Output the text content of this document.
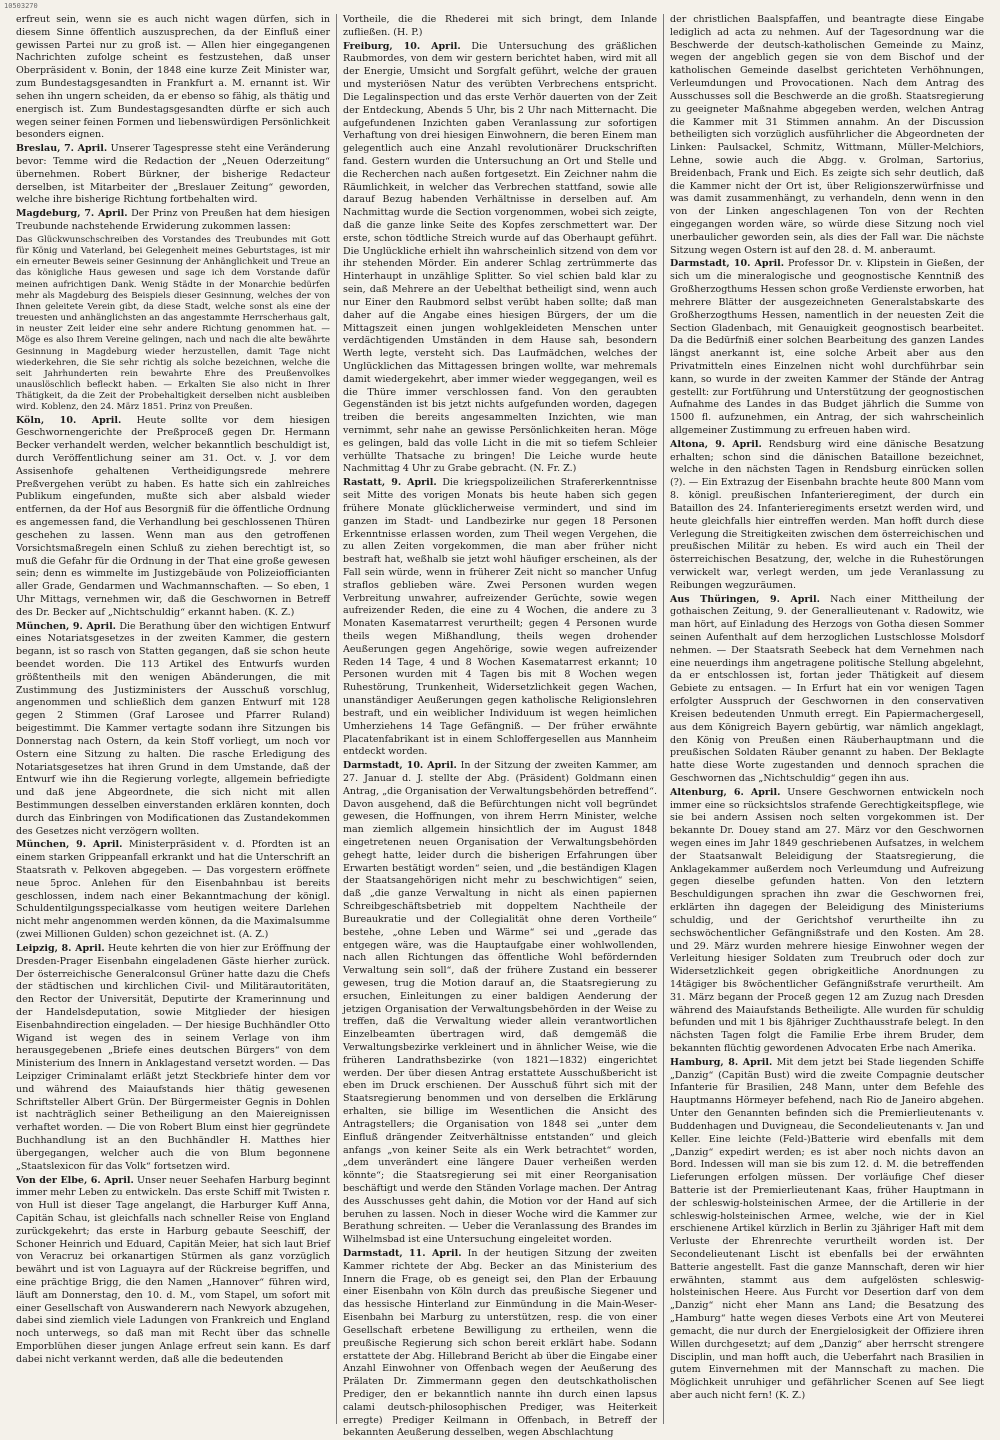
10503270

erfreut sein, wenn sie es auch nicht wagen dürfen, sich in diesem Sinne öffentlich auszusprechen, da der Einfluß einer gewissen Partei nur zu groß ist. — Allen hier eingegangenen Nachrichten zufolge scheint es festzustehen, daß unser Oberpräsident v. Bonin, der 1848 eine kurze Zeit Minister war, zum Bundestagsgesandten in Frankfurt a. M. ernannt ist. Wir sehen ihn ungern scheiden, da er ebenso so fähig, als thätig und energisch ist. Zum Bundestagsgesandten dürfte er sich auch wegen seiner feinen Formen und liebenswürdigen Persönlichkeit besonders eignen.

Breslau, 7. April. Unserer Tagespresse steht eine Veränderung bevor: Temme wird die Redaction der „Neuen Oderzeitung“ übernehmen. Robert Bürkner, der bisherige Redacteur derselben, ist Mitarbeiter der „Breslauer Zeitung“ geworden, welche ihre bisherige Richtung fortbehalten wird.

Magdeburg, 7. April. Der Prinz von Preußen hat dem hiesigen Treubunde nachstehende Erwiderung zukommen lassen:

Das Glückwunschschreiben des Vorstandes des Treubundes mit Gott für König und Vaterland, bei Gelegenheit meines Geburtstages, ist mir ein erneuter Beweis seiner Gesinnung der Anhänglichkeit und Treue an das königliche Haus gewesen und sage ich dem Vorstande dafür meinen aufrichtigen Dank. Wenig Städte in der Monarchie bedürfen mehr als Magdeburg des Beispiels dieser Gesinnung, welches der von Ihnen geleitete Verein gibt, da diese Stadt, welche sonst als eine der treuesten und anhänglichsten an das angestammte Herrscherhaus galt, in neuster Zeit leider eine sehr andere Richtung genommen hat. — Möge es also Ihrem Vereine gelingen, nach und nach die alte bewährte Gesinnung in Magdeburg wieder herzustellen, damit Tage nicht wiederkehren, die Sie sehr richtig als solche bezeichnen, welche die seit Jahrhunderten rein bewahrte Ehre des Preußenvolkes unauslöschlich befleckt haben. — Erkalten Sie also nicht in Ihrer Thätigkeit, da die Zeit der Probehaltigkeit derselben nicht ausbleiben wird. Koblenz, den 24. März 1851. Prinz von Preußen.

Köln, 10. April. Heute sollte vor dem hiesigen Geschwornengerichte der Preßproceß gegen Dr. Hermann Becker verhandelt werden, welcher bekanntlich beschuldigt ist, durch Veröffentlichung seiner am 31. Oct. v. J. vor dem Assisenhofe gehaltenen Vertheidigungsrede mehrere Preßvergehen verübt zu haben. Es hatte sich ein zahlreiches Publikum eingefunden, mußte sich aber alsbald wieder entfernen, da der Hof aus Besorgniß für die öffentliche Ordnung es angemessen fand, die Verhandlung bei geschlossenen Thüren geschehen zu lassen. Wenn man aus den getroffenen Vorsichtsmaßregeln einen Schluß zu ziehen berechtigt ist, so muß die Gefahr für die Ordnung in der That eine große gewesen sein; denn es wimmelte im Justizgebäude von Polizeiofficianten aller Grade, Gendarmen und Wachmannschaften. — So eben, 1 Uhr Mittags, vernehmen wir, daß die Geschwornen in Betreff des Dr. Becker auf „Nichtschuldig“ erkannt haben. (K. Z.)

München, 9. April. Die Berathung über den wichtigen Entwurf eines Notariatsgesetzes in der zweiten Kammer, die gestern begann, ist so rasch von Statten gegangen, daß sie schon heute beendet worden. Die 113 Artikel des Entwurfs wurden größtentheils mit den wenigen Abänderungen, die mit Zustimmung des Justizministers der Ausschuß vorschlug, angenommen und schließlich dem ganzen Entwurf mit 128 gegen 2 Stimmen (Graf Larosee und Pfarrer Ruland) beigestimmt. Die Kammer vertagte sodann ihre Sitzungen bis Donnerstag nach Ostern, da kein Stoff vorliegt, um noch vor Ostern eine Sitzung zu halten. Die rasche Erledigung des Notariatsgesetzes hat ihren Grund in dem Umstande, daß der Entwurf wie ihn die Regierung vorlegte, allgemein befriedigte und daß jene Abgeordnete, die sich nicht mit allen Bestimmungen desselben einverstanden erklären konnten, doch durch das Einbringen von Modificationen das Zustandekommen des Gesetzes nicht verzögern wollten.

München, 9. April. Ministerpräsident v. d. Pfordten ist an einem starken Grippeanfall erkrankt und hat die Unterschrift an Staatsrath v. Pelkoven abgegeben. — Das vorgestern eröffnete neue 5proc. Anlehen für den Eisenbahnbau ist bereits geschlossen, indem nach einer Bekanntmachung der königl. Schuldentilgungsspecialkasse vom heutigen weitere Darlehen nicht mehr angenommen werden können, da die Maximalsumme (zwei Millionen Gulden) schon gezeichnet ist. (A. Z.)

Leipzig, 8. April. Heute kehrten die von hier zur Eröffnung der Dresden-Prager Eisenbahn eingeladenen Gäste hierher zurück. Der österreichische Generalconsul Grüner hatte dazu die Chefs der städtischen und kirchlichen Civil- und Militärautoritäten, den Rector der Universität, Deputirte der Kramerinnung und der Handelsdeputation, sowie Mitglieder der hiesigen Eisenbahndirection eingeladen. — Der hiesige Buchhändler Otto Wigand ist wegen des in seinem Verlage von ihm herausgegebenen „Briefe eines deutschen Bürgers“ von dem Ministerium des Innern in Anklagestand versetzt worden. — Das Leipziger Criminalamt erläßt jetzt Steckbriefe hinter dem vor und während des Maiaufstands hier thätig gewesenen Schriftsteller Albert Grün. Der Bürgermeister Gegnis in Dohlen ist nachträglich seiner Betheiligung an den Maiereignissen verhaftet worden. — Die von Robert Blum einst hier gegründete Buchhandlung ist an den Buchhändler H. Matthes hier übergegangen, welcher auch die von Blum begonnene „Staatslexicon für das Volk“ fortsetzen wird.

Von der Elbe, 6. April. Unser neuer Seehafen Harburg beginnt immer mehr Leben zu entwickeln. Das erste Schiff mit Twisten r. von Hull ist dieser Tage angelangt, die Harburger Kuff Anna, Capitän Schau, ist gleichfalls nach schneller Reise von England zurückgekehrt; das erste in Harburg gebaute Seeschiff, der Schoner Heinrich und Eduard, Capitän Meier, hat sich laut Brief von Veracruz bei orkanartigen Stürmen als ganz vorzüglich bewährt und ist von Laguayra auf der Rückreise begriffen, und eine prächtige Brigg, die den Namen „Hannover“ führen wird, läuft am Donnerstag, den 10. d. M., vom Stapel, um sofort mit einer Gesellschaft von Auswanderern nach Newyork abzugehen, dabei sind ziemlich viele Ladungen von Frankreich und England noch unterwegs, so daß man mit Recht über das schnelle Emporblühen dieser jungen Anlage erfreut sein kann. Es darf dabei nicht verkannt werden, daß alle die bedeutenden

Vortheile, die die Rhederei mit sich bringt, dem Inlande zufließen. (H. P.)

Freiburg, 10. April. Die Untersuchung des gräßlichen Raubmordes, von dem wir gestern berichtet haben, wird mit all der Energie, Umsicht und Sorgfalt geführt, welche der grauen und mysteriösen Natur des verübten Verbrechens entspricht. Die Legalinspection und das erste Verhör dauerten von der Zeit der Entdeckung, Abends 5 Uhr, bis 2 Uhr nach Mitternacht. Die aufgefundenen Inzichten gaben Veranlassung zur sofortigen Verhaftung von drei hiesigen Einwohnern, die beren Einem man gelegentlich auch eine Anzahl revolutionärer Druckschriften fand. Gestern wurden die Untersuchung an Ort und Stelle und die Recherchen nach außen fortgesetzt. Ein Zeichner nahm die Räumlichkeit, in welcher das Verbrechen stattfand, sowie alle darauf Bezug habenden Verhältnisse in derselben auf. Am Nachmittag wurde die Section vorgenommen, wobei sich zeigte, daß die ganze linke Seite des Kopfes zerschmettert war. Der erste, schon tödtliche Streich wurde auf das Oberhaupt geführt. Die Unglückliche erhielt ihn wahrscheinlich sitzend von dem vor ihr stehenden Mörder. Ein anderer Schlag zertrümmerte das Hinterhaupt in unzählige Splitter. So viel schien bald klar zu sein, daß Mehrere an der Uebelthat betheiligt sind, wenn auch nur Einer den Raubmord selbst verübt haben sollte; daß man daher auf die Angabe eines hiesigen Bürgers, der um die Mittagszeit einen jungen wohlgekleideten Menschen unter verdächtigenden Umständen in dem Hause sah, besondern Werth legte, versteht sich. Das Laufmädchen, welches der Unglücklichen das Mittagessen bringen wollte, war mehremals damit wiedergekehrt, aber immer wieder weggegangen, weil es die Thüre immer verschlossen fand. Von den geraubten Gegenständen ist bis jetzt nichts aufgefunden worden, dagegen treiben die bereits angesammelten Inzichten, wie man vernimmt, sehr nahe an gewisse Persönlichkeiten heran. Möge es gelingen, bald das volle Licht in die mit so tiefem Schleier verhüllte Thatsache zu bringen! Die Leiche wurde heute Nachmittag 4 Uhr zu Grabe gebracht. (N. Fr. Z.)

Rastatt, 9. April. Die kriegspolizeilichen Strafererkenntnisse seit Mitte des vorigen Monats bis heute haben sich gegen frühere Monate glücklicherweise vermindert, und sind im ganzen im Stadt- und Landbezirke nur gegen 18 Personen Erkenntnisse erlassen worden, zum Theil wegen Vergehen, die zu allen Zeiten vorgekommen, die man aber früher nicht bestraft hat, weßhalb sie jetzt wohl häufiger erscheinen, als der Fall sein würde, wenn in früherer Zeit nicht so mancher Unfug straflos geblieben wäre. Zwei Personen wurden wegen Verbreitung unwahrer, aufreizender Gerüchte, sowie wegen aufreizender Reden, die eine zu 4 Wochen, die andere zu 3 Monaten Kasematarrest verurtheilt; gegen 4 Personen wurde theils wegen Mißhandlung, theils wegen drohender Aeußerungen gegen Angehörige, sowie wegen aufreizender Reden 14 Tage, 4 und 8 Wochen Kasematarrest erkannt; 10 Personen wurden mit 4 Tagen bis mit 8 Wochen wegen Ruhestörung, Trunkenheit, Widersetzlichkeit gegen Wachen, unanständiger Aeußerungen gegen katholische Religionslehren bestraft, und ein weiblicher Individuum ist wegen heimlichen Umherziehens 14 Tage Gefängniß. — Der früher erwähnte Placatenfabrikant ist in einem Schloffergesellen aus Mannheim entdeckt worden.

Darmstadt, 10. April. In der Sitzung der zweiten Kammer, am 27. Januar d. J. stellte der Abg. (Präsident) Goldmann einen Antrag, „die Organisation der Verwaltungsbehörden betreffend“. Davon ausgehend, daß die Befürchtungen nicht voll begründet gewesen, die Hoffnungen, von ihrem Herrn Minister, welche man ziemlich allgemein hinsichtlich der im August 1848 eingetretenen neuen Organisation der Verwaltungsbehörden gehegt hatte, leider durch die bisherigen Erfahrungen über Erwarten bestätigt worden“ seien, und „die beständigen Klagen der Staatsangehörigen nicht mehr zu beschwichtigen“ seien, daß „die ganze Verwaltung in nicht als einen papiernen Schreibgeschäftsbetrieb mit doppeltem Nachtheile der Bureaukratie und der Collegialität ohne deren Vortheile“ bestehe, „ohne Leben und Wärme“ sei und „gerade das entgegen wäre, was die Hauptaufgabe einer wohlwollenden, nach allen Richtungen das öffentliche Wohl befördernden Verwaltung sein soll“, daß der frühere Zustand ein besserer gewesen, trug die Motion darauf an, die Staatsregierung zu ersuchen, Einleitungen zu einer baldigen Aenderung der jetzigen Organisation der Verwaltungsbehörden in der Weise zu treffen, daß die Verwaltung wieder allein verantwortlichen Einzelbeamten übertragen wird, daß demgemäß die Verwaltungsbezirke verkleinert und in ähnlicher Weise, wie die früheren Landrathsbezirke (von 1821—1832) eingerichtet werden. Der über diesen Antrag erstattete Ausschußbericht ist eben im Druck erschienen. Der Ausschuß führt sich mit der Staatsregierung benommen und von derselben die Erklärung erhalten, sie billige im Wesentlichen die Ansicht des Antragstellers; die Organisation von 1848 sei „unter dem Einfluß drängender Zeitverhältnisse entstanden“ und gleich anfangs „von keiner Seite als ein Werk betrachtet“ worden, „dem unverändert eine längere Dauer verheißen werden könnte“; die Staatsregierung sei mit einer Reorganisation beschäftigt und werde den Ständen Vorlage machen. Der Antrag des Ausschusses geht dahin, die Motion vor der Hand auf sich beruhen zu lassen. Noch in dieser Woche wird die Kammer zur Berathung schreiten. — Ueber die Veranlassung des Brandes im Wilhelmsbad ist eine Untersuchung eingeleitet worden.

Darmstadt, 11. April. In der heutigen Sitzung der zweiten Kammer richtete der Abg. Becker an das Ministerium des Innern die Frage, ob es geneigt sei, den Plan der Erbauung einer Eisenbahn von Köln durch das preußische Siegener und das hessische Hinterland zur Einmündung in die Main-Weser-Eisenbahn bei Marburg zu unterstützen, resp. die von einer Gesellschaft erbetene Bewilligung zu ertheilen, wenn die preußische Regierung sich schon bereit erklärt habe. Sodann erstattete der Abg. Hillebrand Bericht ab über die Eingabe einer Anzahl Einwohner von Offenbach wegen der Aeußerung des Prälaten Dr. Zimmermann gegen den deutschkatholischen Prediger, den er bekanntlich nannte ihn durch einen lapsus calami deutsch-philosophischen Prediger, was Heiterkeit erregte) Prediger Keilmann in Offenbach, in Betreff der bekannten Aeußerung desselben, wegen Abschlachtung

der christlichen Baalspfaffen, und beantragte diese Eingabe lediglich ad acta zu nehmen. Auf der Tagesordnung war die Beschwerde der deutsch-katholischen Gemeinde zu Mainz, wegen der angeblich gegen sie von dem Bischof und der katholischen Gemeinde daselbst gerichteten Verhöhnungen, Verleumdungen und Provocationen. Nach dem Antrag des Ausschusses soll die Beschwerde an die großh. Staatsregierung zu geeigneter Maßnahme abgegeben werden, welchen Antrag die Kammer mit 31 Stimmen annahm. An der Discussion betheiligten sich vorzüglich ausführlicher die Abgeordneten der Linken: Paulsackel, Schmitz, Wittmann, Müller-Melchiors, Lehne, sowie auch die Abgg. v. Grolman, Sartorius, Breidenbach, Frank und Eich. Es zeigte sich sehr deutlich, daß die Kammer nicht der Ort ist, über Religionszerwürfnisse und was damit zusammenhängt, zu verhandeln, denn wenn in den von der Linken angeschlagenen Ton von der Rechten eingegangen worden wäre, so würde diese Sitzung noch viel unerbaulicher geworden sein, als dies der Fall war. Die nächste Sitzung wegen Ostern ist auf den 28. d. M. anberaumt.

Darmstadt, 10. April. Professor Dr. v. Klipstein in Gießen, der sich um die mineralogische und geognostische Kenntniß des Großherzogthums Hessen schon große Verdienste erworben, hat mehrere Blätter der ausgezeichneten Generalstabskarte des Großherzogthums Hessen, namentlich in der neuesten Zeit die Section Gladenbach, mit Genauigkeit geognostisch bearbeitet. Da die Bedürfniß einer solchen Bearbeitung des ganzen Landes längst anerkannt ist, eine solche Arbeit aber aus den Privatmitteln eines Einzelnen nicht wohl durchführbar sein kann, so wurde in der zweiten Kammer der Stände der Antrag gestellt: zur Fortführung und Unterstützung der geognostischen Aufnahme des Landes in das Budget jährlich die Summe von 1500 fl. aufzunehmen, ein Antrag, der sich wahrscheinlich allgemeiner Zustimmung zu erfreuen haben wird.

Altona, 9. April. Rendsburg wird eine dänische Besatzung erhalten; schon sind die dänischen Bataillone bezeichnet, welche in den nächsten Tagen in Rendsburg einrücken sollen (?). — Ein Extrazug der Eisenbahn brachte heute 800 Mann vom 8. königl. preußischen Infanterieregiment, der durch ein Bataillon des 24. Infanterieregiments ersetzt werden wird, und heute gleichfalls hier eintreffen werden. Man hofft durch diese Verlegung die Streitigkeiten zwischen dem österreichischen und preußischen Militär zu heben. Es wird auch ein Theil der österreichischen Besatzung, der, welche in die Ruhestörungen verwickelt war, verlegt werden, um jede Veranlassung zu Reibungen wegzuräumen.

Aus Thüringen, 9. April. Nach einer Mittheilung der gothaischen Zeitung, 9. der Generallieutenant v. Radowitz, wie man hört, auf Einladung des Herzogs von Gotha diesen Sommer seinen Aufenthalt auf dem herzoglichen Lustschlosse Molsdorf nehmen. — Der Staatsrath Seebeck hat dem Vernehmen nach eine neuerdings ihm angetragene politische Stellung abgelehnt, da er entschlossen ist, fortan jeder Thätigkeit auf diesem Gebiete zu entsagen. — In Erfurt hat ein vor wenigen Tagen erfolgter Ausspruch der Geschwornen in den conservativen Kreisen bedeutenden Unmuth erregt. Ein Papiermachergesell, aus dem Königreich Bayern gebürtig, war nämlich angeklagt, den König von Preußen einen Räuberhauptmann und die preußischen Soldaten Räuber genannt zu haben. Der Beklagte hatte diese Worte zugestanden und dennoch sprachen die Geschwornen das „Nichtschuldig“ gegen ihn aus.

Altenburg, 6. April. Unsere Geschwornen entwickeln noch immer eine so rücksichtslos strafende Gerechtigkeitspflege, wie sie bei andern Assisen noch selten vorgekommen ist. Der bekannte Dr. Douey stand am 27. März vor den Geschwornen wegen eines im Jahr 1849 geschriebenen Aufsatzes, in welchem der Staatsanwalt Beleidigung der Staatsregierung, die Anklagekammer außerdem noch Verleumdung und Aufreizung gegen dieselbe gefunden hatten. Von den letztern Beschuldigungen sprachen ihn zwar die Geschwornen frei, erklärten ihn dagegen der Beleidigung des Ministeriums schuldig, und der Gerichtshof verurtheilte ihn zu sechswöchentlicher Gefängnißstrafe und den Kosten. Am 28. und 29. März wurden mehrere hiesige Einwohner wegen der Verleitung hiesiger Soldaten zum Treubruch oder doch zur Widersetzlichkeit gegen obrigkeitliche Anordnungen zu 14tägiger bis 8wöchentlicher Gefängnißstrafe verurtheilt. Am 31. März begann der Proceß gegen 12 am Zuzug nach Dresden während des Maiaufstands Betheiligte. Alle wurden für schuldig befunden und mit 1 bis 8jähriger Zuchthausstrafe belegt. In den nächsten Tagen folgt die Familie Erbe ihrem Bruder, dem bekannten flüchtig gewordenen Advocaten Erbe nach Amerika.

Hamburg, 8. April. Mit dem jetzt bei Stade liegenden Schiffe „Danzig“ (Capitän Bust) wird die zweite Compagnie deutscher Infanterie für Brasilien, 248 Mann, unter dem Befehle des Hauptmanns Hörmeyer befehend, nach Rio de Janeiro abgehen. Unter den Genannten befinden sich die Premierlieutenants v. Buddenhagen und Duvigneau, die Secondelieutenants v. Jan und Keller. Eine leichte (Feld-)Batterie wird ebenfalls mit dem „Danzig“ expedirt werden; es ist aber noch nichts davon an Bord. Indessen will man sie bis zum 12. d. M. die betreffenden Lieferungen erfolgen müssen. Der vorläufige Chef dieser Batterie ist der Premierlieutenant Kaas, früher Hauptmann in der schleswig-holsteinischen Armee, der die Artillerie in der schleswig-holsteinischen Armee, welche, wie der in Kiel erschienene Artikel kürzlich in Berlin zu 3jähriger Haft mit dem Verluste der Ehrenrechte verurtheilt worden ist. Der Secondelieutenant Lischt ist ebenfalls bei der erwähnten Batterie angestellt. Fast die ganze Mannschaft, deren wir hier erwähnten, stammt aus dem aufgelösten schleswig-holsteinischen Heere. Aus Furcht vor Desertion darf von dem „Danzig“ nicht eher Mann ans Land; die Besatzung des „Hamburg“ hatte wegen dieses Verbots eine Art von Meuterei gemacht, die nur durch der Energielosigkeit der Offiziere ihren Willen durchgesetzt; auf dem „Danzig“ aber herrscht strengere Disciplin, und man hofft auch, die Ueberfahrt nach Brasilien in gutem Einvernehmen mit der Mannschaft zu machen. Die Möglichkeit unruhiger und gefährlicher Scenen auf See liegt aber auch nicht fern! (K. Z.)
